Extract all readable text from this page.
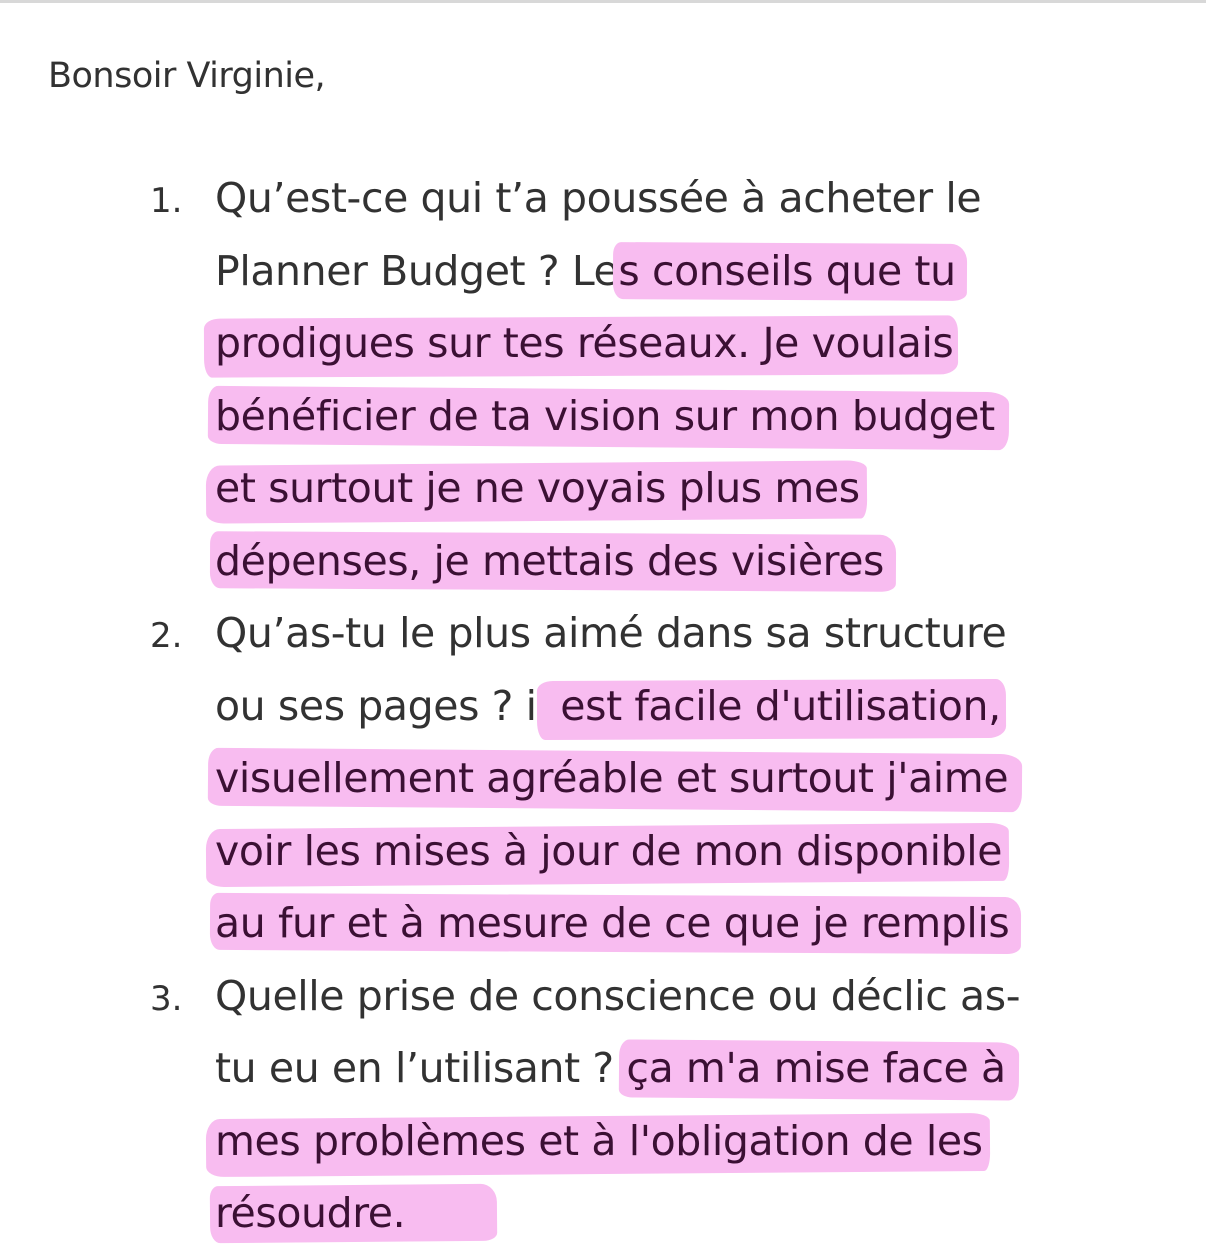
Bonsoir Virginie,
1. Qu’est-ce qui t’a poussée à acheter le
Planner Budget ? Les conseils que tu
prodigues sur tes réseaux. Je voulais
bénéficier de ta vision sur mon budget
et surtout je ne voyais plus mes
dépenses, je mettais des visières
2. Qu’as-tu le plus aimé dans sa structure
ou ses pages ? il est facile d'utilisation,
visuellement agréable et surtout j'aime
voir les mises à jour de mon disponible
au fur et à mesure de ce que je remplis
3. Quelle prise de conscience ou déclic as-
tu eu en l’utilisant ? ça m'a mise face à
mes problèmes et à l'obligation de les
résoudre.
